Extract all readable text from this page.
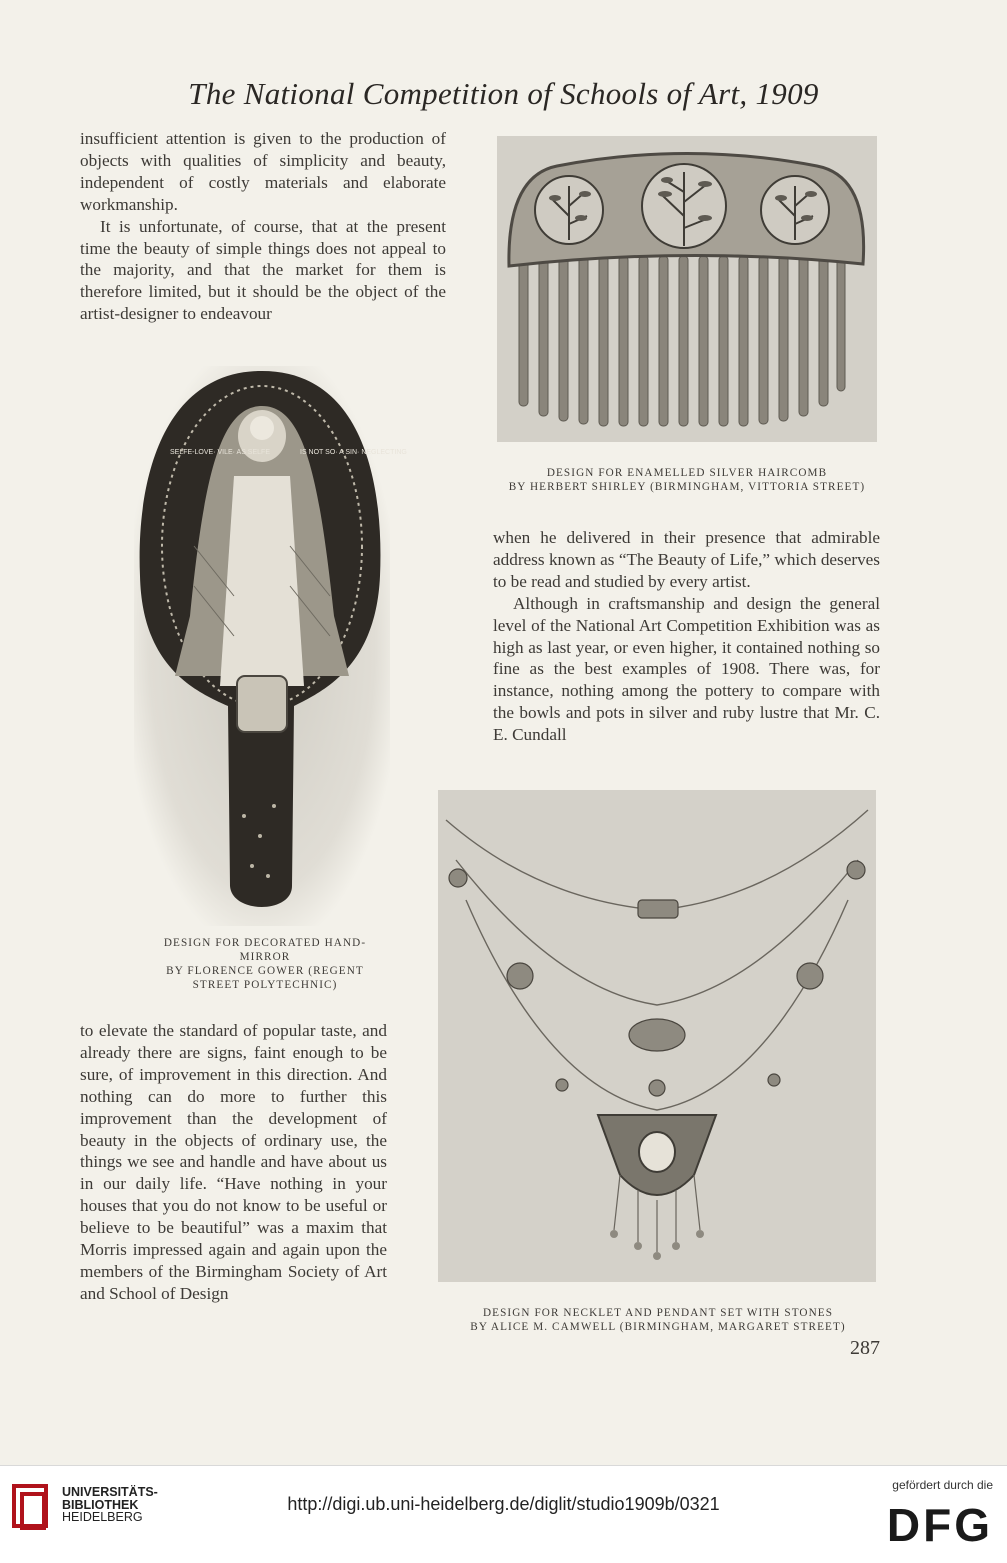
The National Competition of Schools of Art, 1909

insufficient attention is given to the production of objects with qualities of simplicity and beauty, independent of costly materials and elaborate workmanship.

It is unfortunate, of course, that at the present time the beauty of simple things does not appeal to the majority, and that the market for them is therefore limited, but it should be the object of the artist-designer to endeavour

DESIGN FOR ENAMELLED SILVER HAIRCOMB
BY HERBERT SHIRLEY (BIRMINGHAM, VITTORIA STREET)
SELFE-LOVE· VILE· AS SELFE	IS NOT SO· A SIN· NEGLECTING
DESIGN FOR DECORATED HAND-
MIRROR
BY FLORENCE GOWER (REGENT
STREET POLYTECHNIC)

when he delivered in their presence that admirable address known as “The Beauty of Life,” which deserves to be read and studied by every artist.

Although in craftsmanship and design the general level of the National Art Competition Exhibition was as high as last year, or even higher, it contained nothing so fine as the best examples of 1908. There was, for instance, nothing among the pottery to compare with the bowls and pots in silver and ruby lustre that Mr. C. E. Cundall

DESIGN FOR NECKLET AND PENDANT SET WITH STONES
BY ALICE M. CAMWELL (BIRMINGHAM, MARGARET STREET)

to elevate the standard of popular taste, and already there are signs, faint enough to be sure, of improvement in this direction. And nothing can do more to further this improvement than the development of beauty in the objects of ordinary use, the things we see and handle and have about us in our daily life. “Have nothing in your houses that you do not know to be useful or believe to be beautiful” was a maxim that Morris impressed again and again upon the members of the Birmingham Society of Art and School of Design

287
UNIVERSITÄTS-
BIBLIOTHEK
HEIDELBERG
http://digi.ub.uni-heidelberg.de/diglit/studio1909b/0321
gefördert durch die
DFG
